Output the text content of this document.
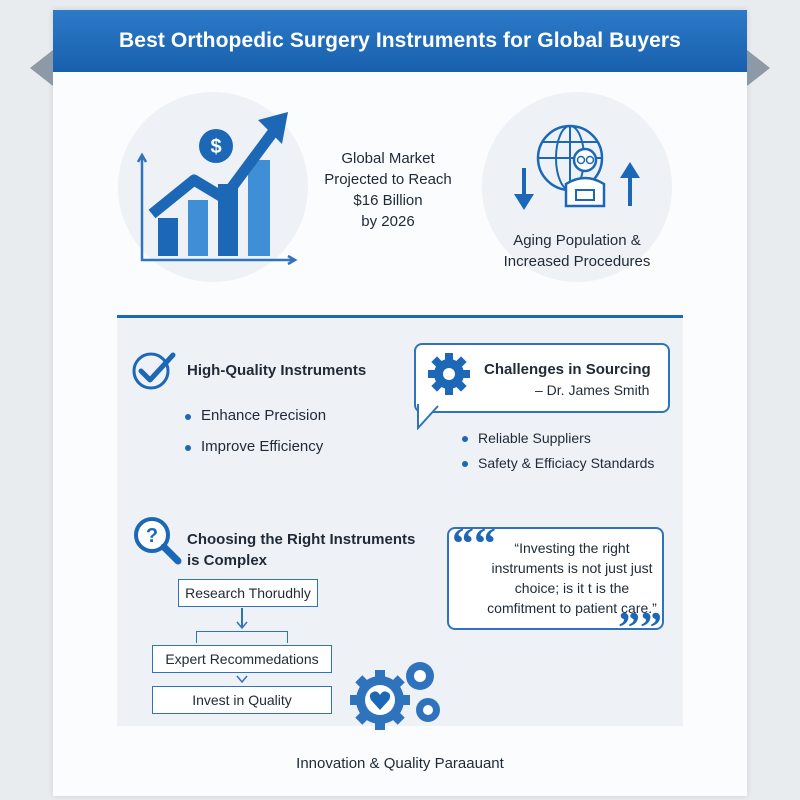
Best Orthopedic Surgery Instruments for Global Buyers
$
Global Market
Projected to Reach
$16 Billion
by 2026
Aging Population &
Increased Procedures
High-Quality Instruments
Enhance Precision
Improve Efficiency
Challenges in Sourcing
– Dr. James Smith
Reliable Suppliers
Safety & Efficiacy Standards
? Choosing the Right Instruments
is Complex
Research Thorudhly
Expert Recommedations
Invest in Quality
““	“Investing the right
instruments is not just just
choice; is it t is the
comfitment to patient care.”
””
Innovation & Quality Paraauant
